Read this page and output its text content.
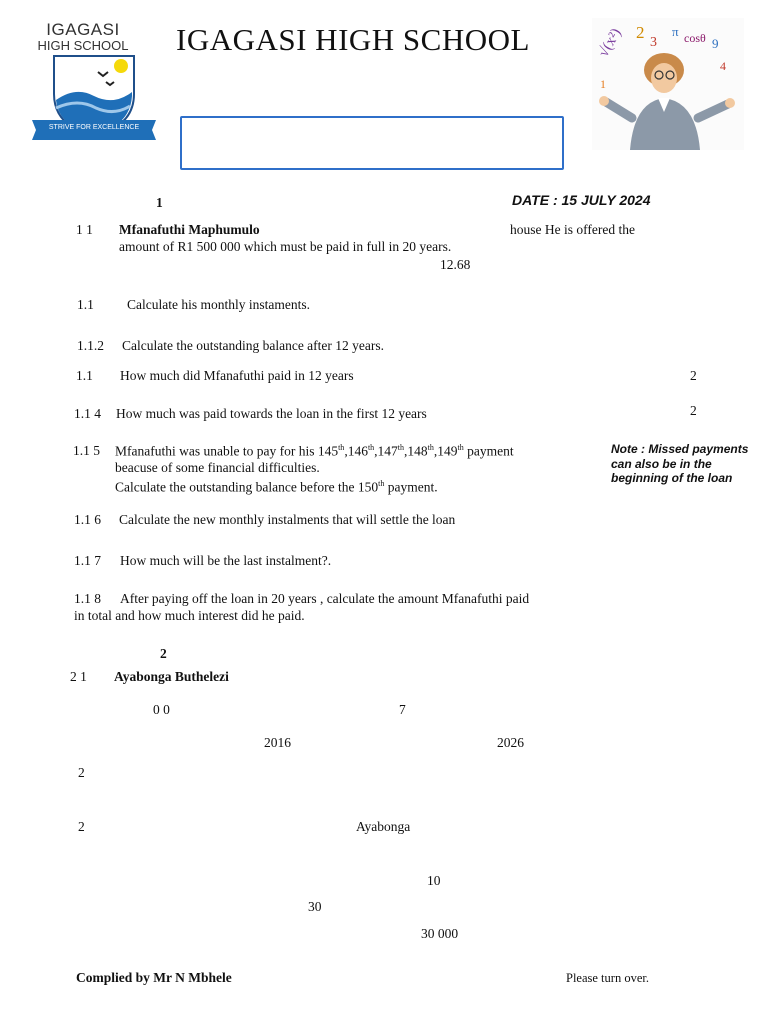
IGAGASI
HIGH SCHOOL
STRIVE FOR EXCELLENCE
IGAGASI HIGH SCHOOL	√(x²) 2
3
π cosθ 9
4
1
1	DATE : 15 JULY 2024
1 1 Mfanafuthi Maphumulo	house He is offered the
amount of R1 500 000 which must be paid in full in 20 years.
12.68
1.1 Calculate his monthly instaments.
1.1.2 Calculate the outstanding balance after 12 years.
1.1 How much did Mfanafuthi paid in 12 years	2
1.1 4 How much was paid towards the loan in the first 12 years	2
1.1 5 Mfanafuthi was unable to pay for his 145th,146th,147th,148th,149th payment
beacuse of some financial difficulties.
Calculate the outstanding balance before the 150th payment.
Note : Missed payments can also be in the beginning of the loan
1.1 6 Calculate the new monthly instalments that will settle the loan
1.1 7 How much will be the last instalment?.
1.1 8 After paying off the loan in 20 years , calculate the amount Mfanafuthi paid
in total and how much interest did he paid.
2
2 1 Ayabonga Buthelezi
0 0	7
2016	2026
2
2	Ayabonga
10
30
30 000
Complied by Mr N Mbhele	Please turn over.
